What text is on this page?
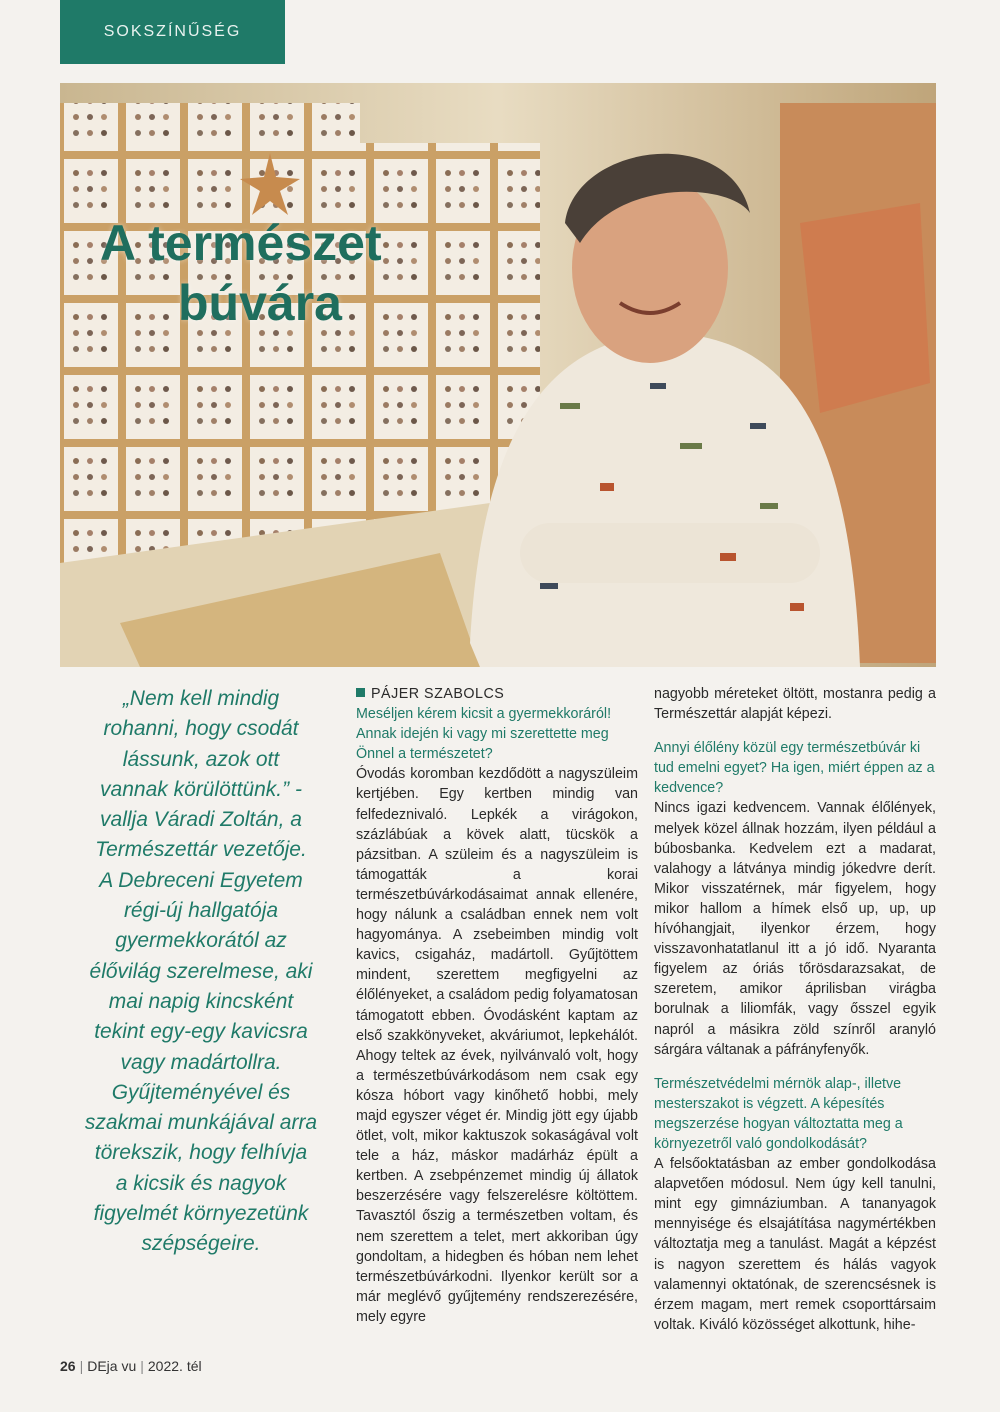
SOKSZÍNŰSÉG
A természet
búvára

„Nem kell mindig
rohanni, hogy csodát
lássunk, azok ott
vannak körülöttünk.” -
vallja Váradi Zoltán, a
Természettár vezetője.
A Debreceni Egyetem
régi-új hallgatója
gyermekkorától az
élővilág szerelmese, aki
mai napig kincsként
tekint egy-egy kavicsra
vagy madártollra.
Gyűjteményével és
szakmai munkájával arra
törekszik, hogy felhívja
a kicsik és nagyok
figyelmét környezetünk
szépségeire.

PÁJER SZABOLCS

Meséljen kérem kicsit a gyermekkoráról! Annak idején ki vagy mi szerettette meg Önnel a természetet?

Óvodás koromban kezdődött a nagyszüleim kertjében. Egy kertben mindig van felfedeznivaló. Lepkék a virágokon, százlábúak a kövek alatt, tücskök a pázsitban. A szüleim és a nagyszüleim is támogatták a korai természetbúvárkodásaimat annak ellenére, hogy nálunk a családban ennek nem volt hagyománya. A zsebeimben mindig volt kavics, csigaház, madártoll. Gyűjtöttem mindent, szerettem megfigyelni az élőlényeket, a családom pedig folyamatosan támogatott ebben. Óvodásként kaptam az első szakkönyveket, akváriumot, lepkehálót. Ahogy teltek az évek, nyilvánvaló volt, hogy a természetbúvárkodásom nem csak egy kósza hóbort vagy kinőhető hobbi, mely majd egyszer véget ér. Mindig jött egy újabb ötlet, volt, mikor kaktuszok sokaságával volt tele a ház, máskor madárház épült a kertben. A zsebpénzemet mindig új állatok beszerzésére vagy felszerelésre költöttem. Tavasztól őszig a természetben voltam, és nem szerettem a telet, mert akkoriban úgy gondoltam, a hidegben és hóban nem lehet természetbúvárkodni. Ilyenkor került sor a már meglévő gyűjtemény rendszerezésére, mely egyre

nagyobb méreteket öltött, mostanra pedig a Természettár alapját képezi.

Annyi élőlény közül egy természetbúvár ki tud emelni egyet? Ha igen, miért éppen az a kedvence?

Nincs igazi kedvencem. Vannak élőlények, melyek közel állnak hozzám, ilyen például a búbosbanka. Kedvelem ezt a madarat, valahogy a látványa mindig jókedvre derít. Mikor visszatérnek, már figyelem, hogy mikor hallom a hímek első up, up, up hívóhangjait, ilyenkor érzem, hogy visszavonhatatlanul itt a jó idő. Nyaranta figyelem az óriás tőrösdarazsakat, de szeretem, amikor áprilisban virágba borulnak a liliomfák, vagy ősszel egyik napról a másikra zöld színről aranyló sárgára váltanak a páfrányfenyők.

Természetvédelmi mérnök alap-, illetve mesterszakot is végzett. A képesítés megszerzése hogyan változtatta meg a környezetről való gondolkodását?

A felsőoktatásban az ember gondolkodása alapvetően módosul. Nem úgy kell tanulni, mint egy gimnáziumban. A tananyagok mennyisége és elsajátítása nagymértékben változtatja meg a tanulást. Magát a képzést is nagyon szerettem és hálás vagyok valamennyi oktatónak, de szerencsésnek is érzem magam, mert remek csoporttársaim voltak. Kiváló közösséget alkottunk, hihe-

26 | DEja vu | 2022. tél
